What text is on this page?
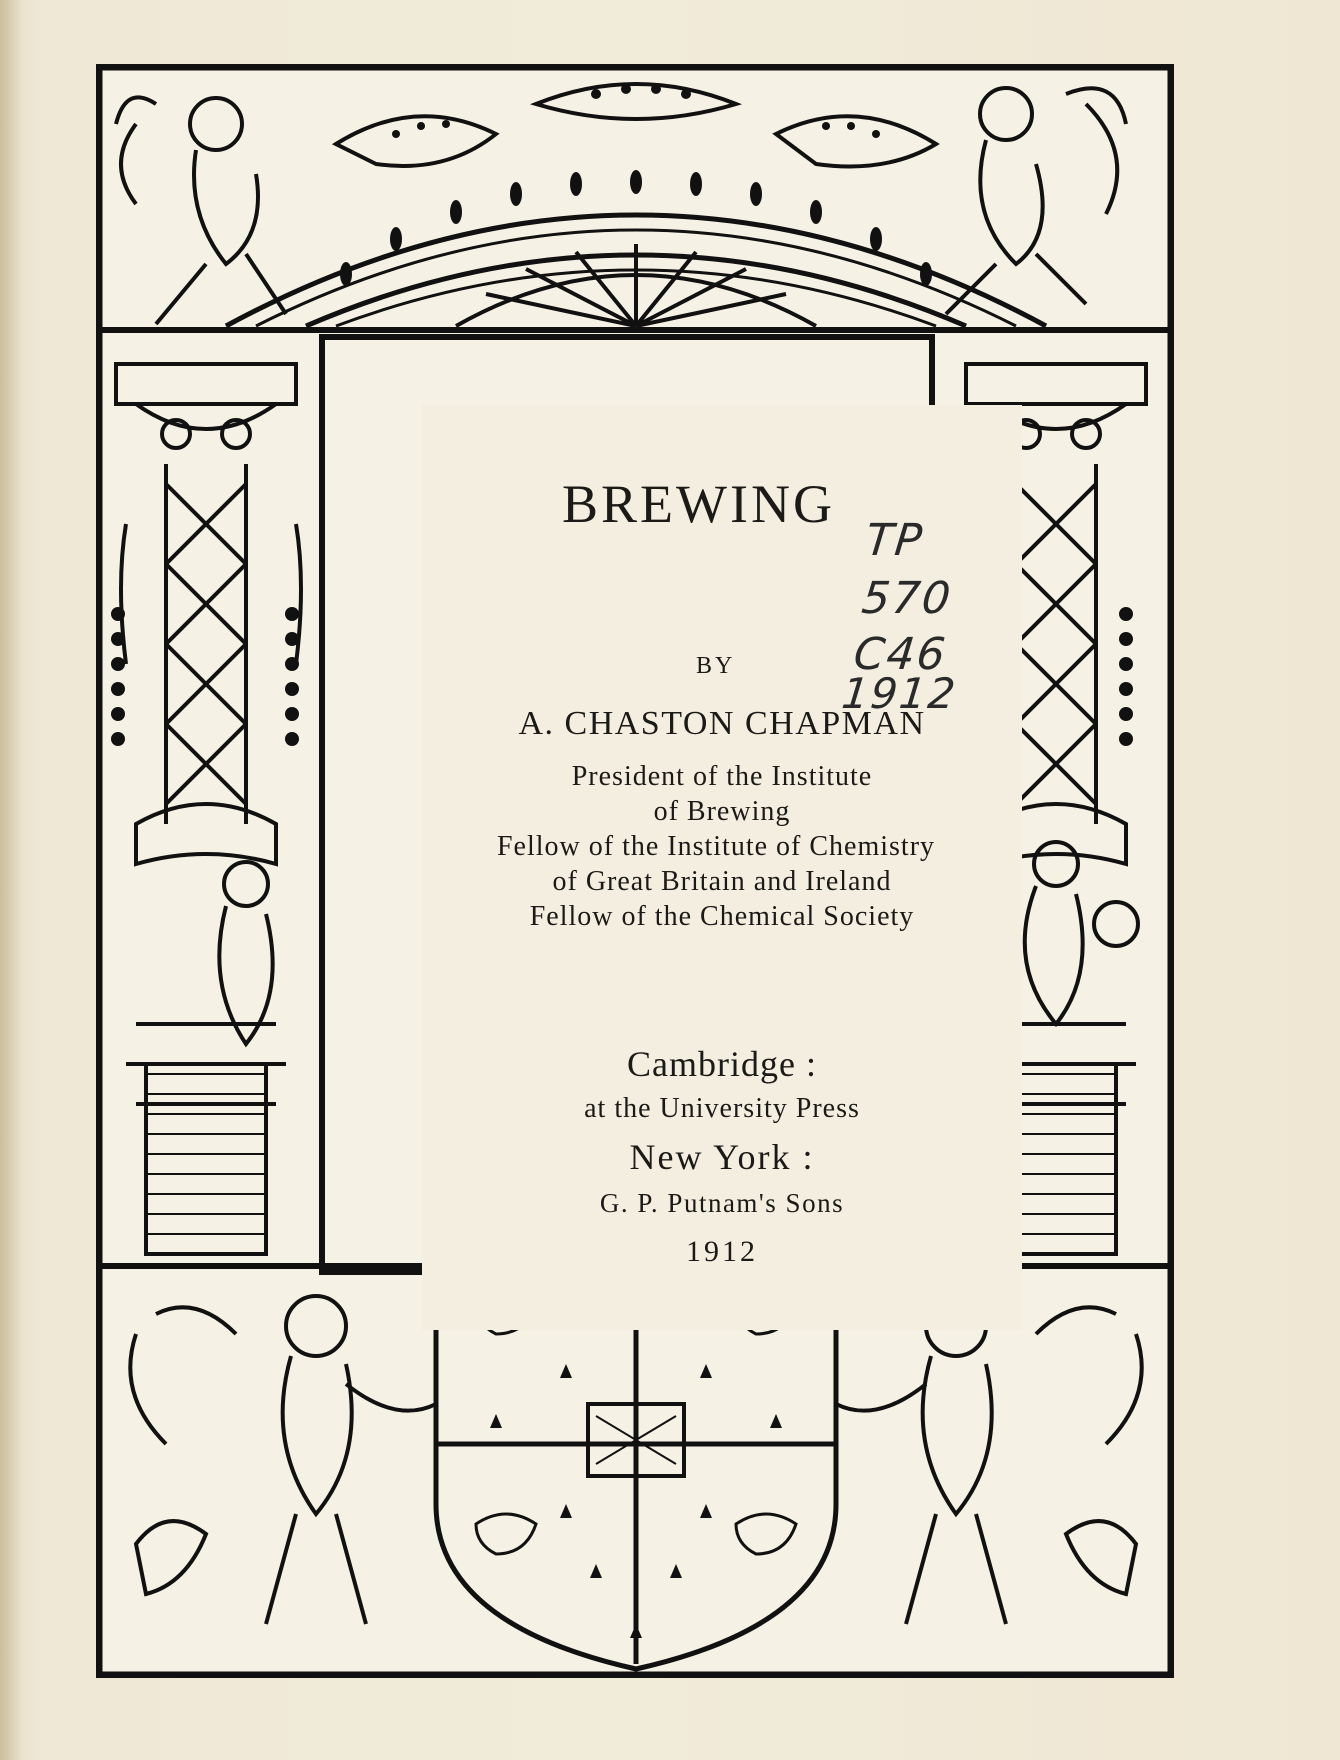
BREWING
TP
570
C46
1912
BY
A. CHASTON CHAPMAN
President of the Institute
of Brewing
Fellow of the Institute of Chemistry
of Great Britain and Ireland
Fellow of the Chemical Society
Cambridge :
at the University Press
New York :
G. P. Putnam's Sons
1912
